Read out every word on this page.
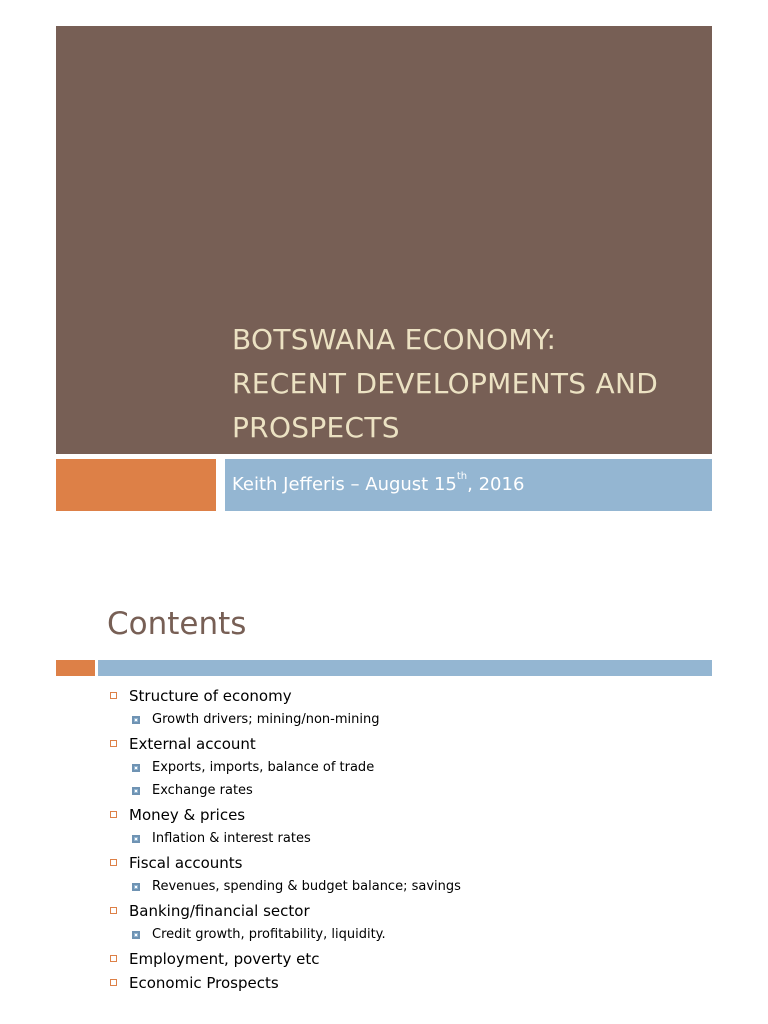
BOTSWANA ECONOMY:
RECENT DEVELOPMENTS AND
PROSPECTS
Keith Jefferis – August 15th, 2016
Contents
Structure of economy
Growth drivers; mining/non-mining
External account
Exports, imports, balance of trade
Exchange rates
Money & prices
Inflation & interest rates
Fiscal accounts
Revenues, spending & budget balance; savings
Banking/financial sector
Credit growth, profitability, liquidity.
Employment, poverty etc
Economic Prospects
